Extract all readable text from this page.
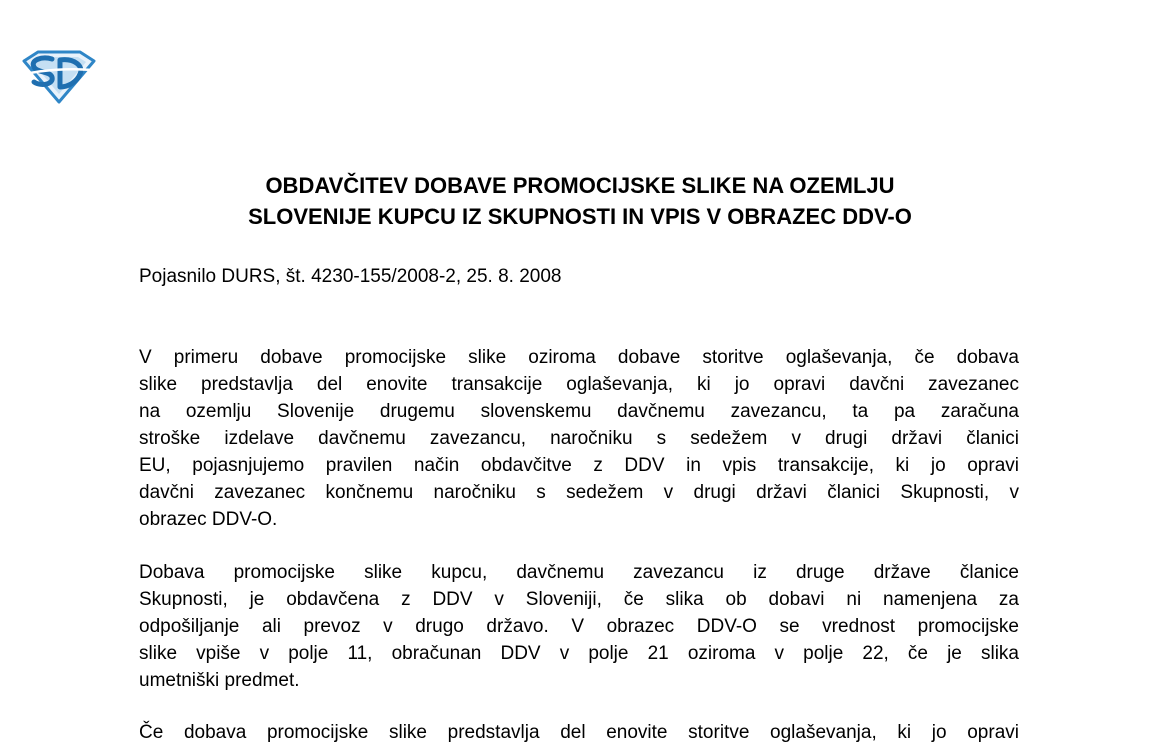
OBDAVČITEV DOBAVE PROMOCIJSKE SLIKE NA OZEMLJU
SLOVENIJE KUPCU IZ SKUPNOSTI IN VPIS V OBRAZEC DDV-O

Pojasnilo DURS, št. 4230-155/2008-2, 25. 8. 2008

V primeru dobave promocijske slike oziroma dobave storitve oglaševanja, če dobava
slike predstavlja del enovite transakcije oglaševanja, ki jo opravi davčni zavezanec
na ozemlju Slovenije drugemu slovenskemu davčnemu zavezancu, ta pa zaračuna
stroške izdelave davčnemu zavezancu, naročniku s sedežem v drugi državi članici
EU, pojasnjujemo pravilen način obdavčitve z DDV in vpis transakcije, ki jo opravi
davčni zavezanec končnemu naročniku s sedežem v drugi državi članici Skupnosti, v
obrazec DDV-O.

Dobava promocijske slike kupcu, davčnemu zavezancu iz druge države članice
Skupnosti, je obdavčena z DDV v Sloveniji, če slika ob dobavi ni namenjena za
odpošiljanje ali prevoz v drugo državo. V obrazec DDV-O se vrednost promocijske
slike vpiše v polje 11, obračunan DDV v polje 21 oziroma v polje 22, če je slika
umetniški predmet.

Če dobava promocijske slike predstavlja del enovite storitve oglaševanja, ki jo opravi
